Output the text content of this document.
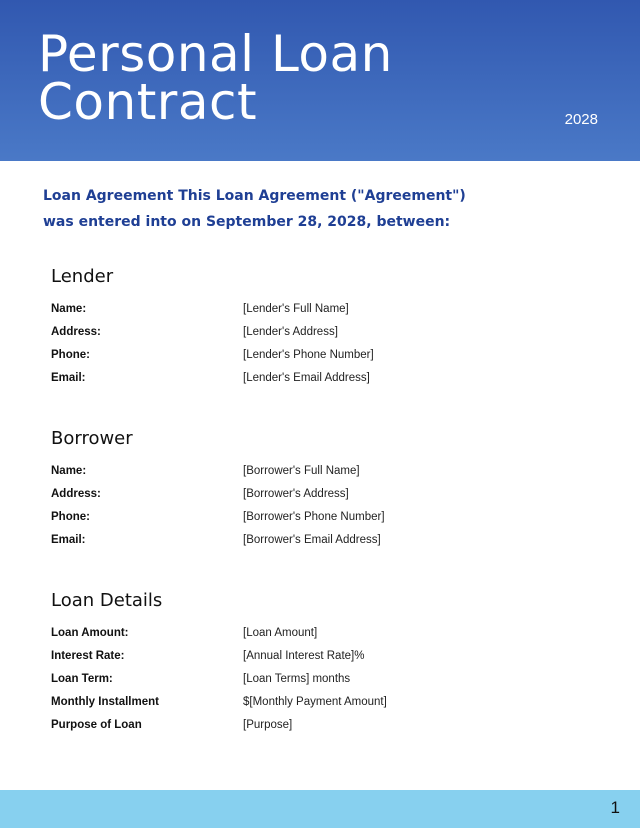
Personal Loan
Contract	2028

Loan Agreement This Loan Agreement ("Agreement") was entered into on September 28, 2028, between:

Lender
Name:	[Lender's Full Name]
Address:	[Lender's Address]
Phone:	[Lender's Phone Number]
Email:	[Lender's Email Address]
Borrower
Name:	[Borrower's Full Name]
Address:	[Borrower's Address]
Phone:	[Borrower's Phone Number]
Email:	[Borrower's Email Address]
Loan Details
Loan Amount:	[Loan Amount]
Interest Rate:	[Annual Interest Rate]%
Loan Term:	[Loan Terms] months
Monthly Installment	$[Monthly Payment Amount]
Purpose of Loan	[Purpose]
1
